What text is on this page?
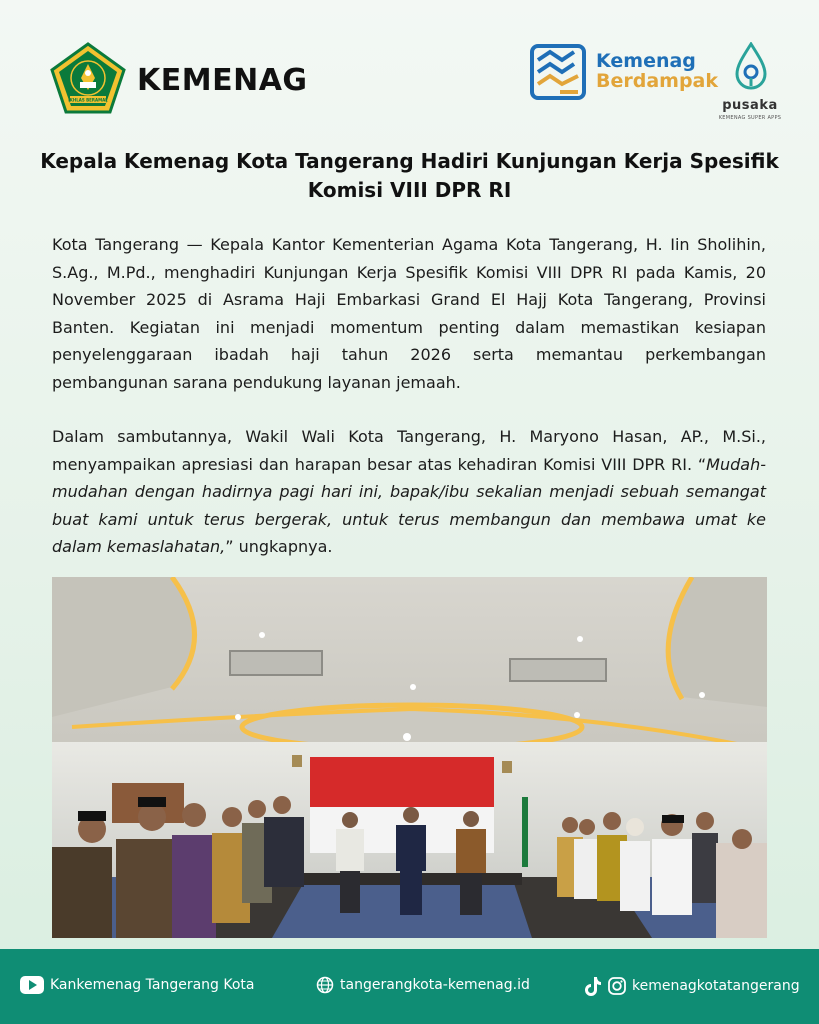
IKHLAS BERAMAL
KEMENAG
Kemenag
Berdampak
pusaka
KEMENAG SUPER APPS
Kepala Kemenag Kota Tangerang Hadiri Kunjungan Kerja Spesifik Komisi VIII DPR RI

Kota Tangerang — Kepala Kantor Kementerian Agama Kota Tangerang, H. Iin Sholihin, S.Ag., M.Pd., menghadiri Kunjungan Kerja Spesifik Komisi VIII DPR RI pada Kamis, 20 November 2025 di Asrama Haji Embarkasi Grand El Hajj Kota Tangerang, Provinsi Banten. Kegiatan ini menjadi momentum penting dalam memastikan kesiapan penyelenggaraan ibadah haji tahun 2026 serta memantau perkembangan pembangunan sarana pendukung layanan jemaah.

Dalam sambutannya, Wakil Wali Kota Tangerang, H. Maryono Hasan, AP., M.Si., menyampaikan apresiasi dan harapan besar atas kehadiran Komisi VIII DPR RI. “Mudah-mudahan dengan hadirnya pagi hari ini, bapak/ibu sekalian menjadi sebuah semangat buat kami untuk terus bergerak, untuk terus membangun dan membawa umat ke dalam kemaslahatan,” ungkapnya.

Kankemenag Tangerang Kota	tangerangkota-kemenag.id	kemenagkotatangerang
